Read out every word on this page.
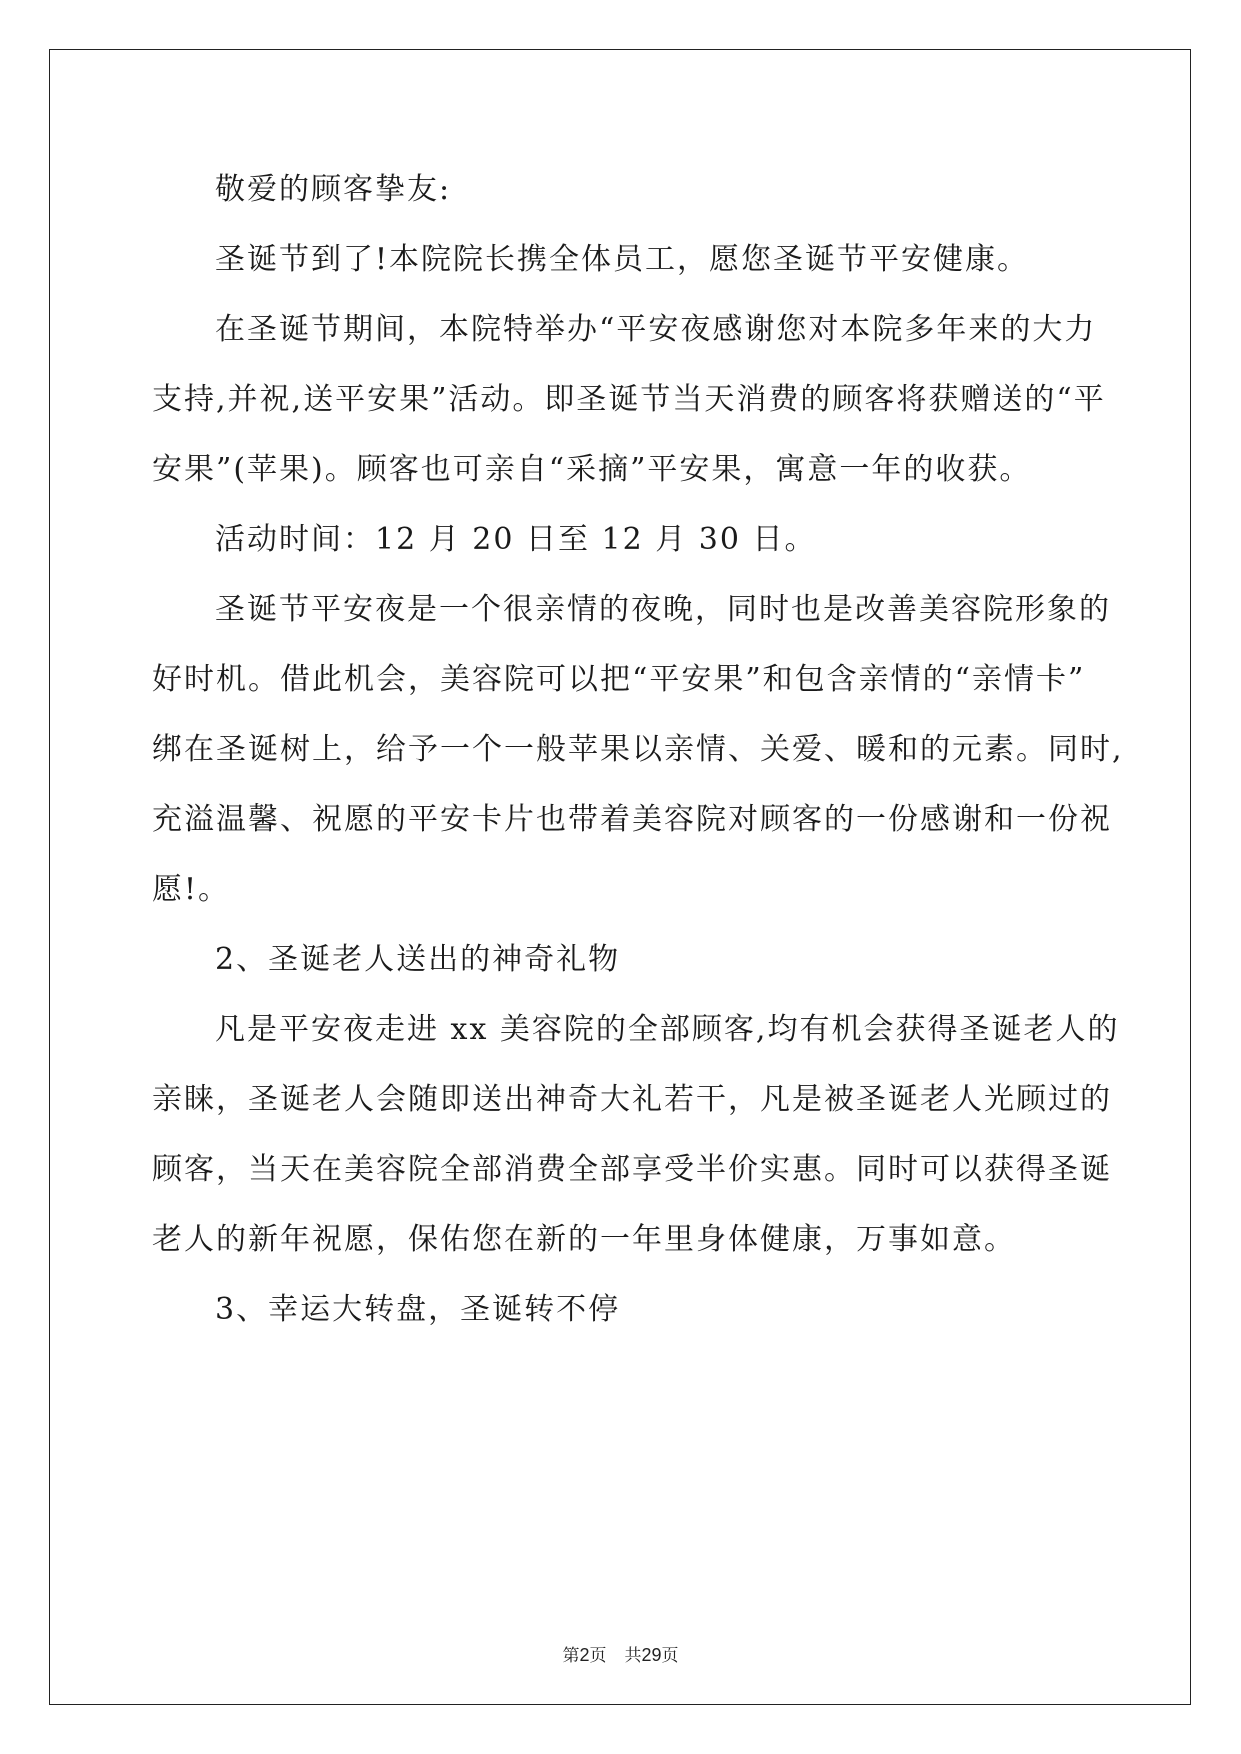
敬爱的顾客挚友:
圣诞节到了!本院院长携全体员工，愿您圣诞节平安健康。
在圣诞节期间，本院特举办“平安夜感谢您对本院多年来的大力
支持,并祝,送平安果”活动。即圣诞节当天消费的顾客将获赠送的“平
安果”(苹果)。顾客也可亲自“采摘”平安果，寓意一年的收获。
活动时间：12 月 20 日至 12 月 30 日。
圣诞节平安夜是一个很亲情的夜晚，同时也是改善美容院形象的
好时机。借此机会，美容院可以把“平安果”和包含亲情的“亲情卡”
绑在圣诞树上，给予一个一般苹果以亲情、关爱、暖和的元素。同时,
充溢温馨、祝愿的平安卡片也带着美容院对顾客的一份感谢和一份祝
愿!。
2、圣诞老人送出的神奇礼物
凡是平安夜走进 xx 美容院的全部顾客,均有机会获得圣诞老人的
亲睐，圣诞老人会随即送出神奇大礼若干，凡是被圣诞老人光顾过的
顾客，当天在美容院全部消费全部享受半价实惠。同时可以获得圣诞
老人的新年祝愿，保佑您在新的一年里身体健康，万事如意。
3、幸运大转盘，圣诞转不停
第2页 共29页
